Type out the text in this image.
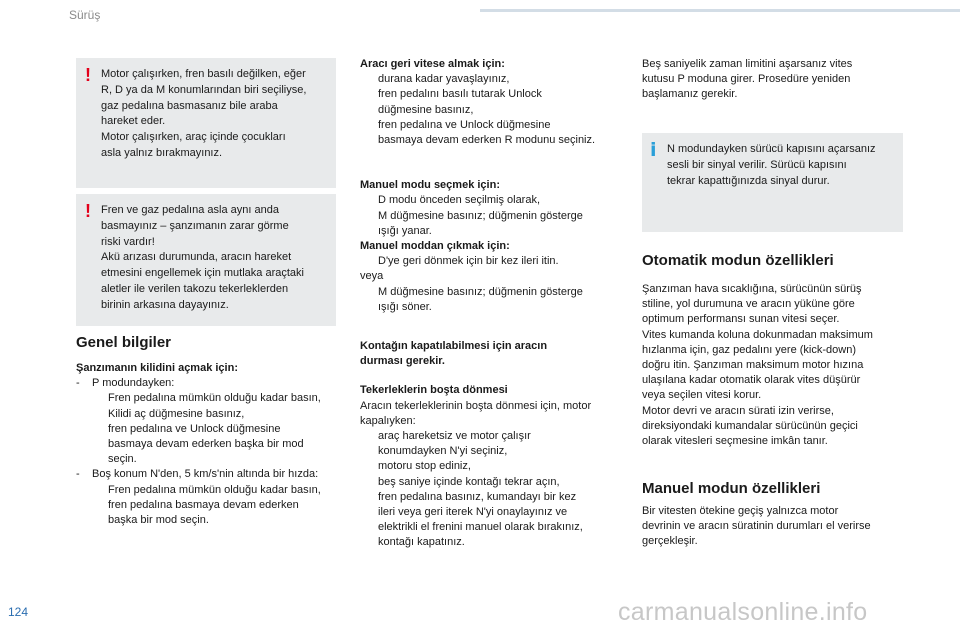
Sürüş
! Motor çalışırken, fren basılı değilken, eğer

R, D ya da M konumlarından biri seçiliyse,

gaz pedalına basmasanız bile araba

hareket eder.

Motor çalışırken, araç içinde çocukları

asla yalnız bırakmayınız.

! Fren ve gaz pedalına asla aynı anda

basmayınız – şanzımanın zarar görme

riski vardır!

Akü arızası durumunda, aracın hareket

etmesini engellemek için mutlaka araçtaki

aletler ile verilen takozu tekerleklerden

birinin arkasına dayayınız.

Genel bilgiler

Şanzımanın kilidini açmak için:

- P modundayken:
Fren pedalına mümkün olduğu kadar basın,
Kilidi aç düğmesine basınız,
fren pedalına ve Unlock düğmesine
basmaya devam ederken başka bir mod
seçin.
- Boş konum N'den, 5 km/s'nin altında bir hızda:
Fren pedalına mümkün olduğu kadar basın,
fren pedalına basmaya devam ederken
başka bir mod seçin.

Aracı geri vitese almak için:

durana kadar yavaşlayınız,
fren pedalını basılı tutarak Unlock
düğmesine basınız,
fren pedalına ve Unlock düğmesine
basmaya devam ederken R modunu seçiniz.

Manuel modu seçmek için:

D modu önceden seçilmiş olarak,
M düğmesine basınız; düğmenin gösterge
ışığı yanar.

Manuel moddan çıkmak için:

D'ye geri dönmek için bir kez ileri itin.

veya

M düğmesine basınız; düğmenin gösterge
ışığı söner.

Kontağın kapatılabilmesi için aracın

durması gerekir.

Tekerleklerin boşta dönmesi

Aracın tekerleklerinin boşta dönmesi için, motor

kapalıyken:

araç hareketsiz ve motor çalışır
konumdayken N'yi seçiniz,
motoru stop ediniz,
beş saniye içinde kontağı tekrar açın,
fren pedalına basınız, kumandayı bir kez
ileri veya geri iterek N'yi onaylayınız ve
elektrikli el frenini manuel olarak bırakınız,
kontağı kapatınız.

Beş saniyelik zaman limitini aşarsanız vites

kutusu P moduna girer. Prosedüre yeniden

başlamanız gerekir.

i N modundayken sürücü kapısını açarsanız

sesli bir sinyal verilir. Sürücü kapısını

tekrar kapattığınızda sinyal durur.

Otomatik modun özellikleri

Şanzıman hava sıcaklığına, sürücünün sürüş

stiline, yol durumuna ve aracın yüküne göre

optimum performansı sunan vitesi seçer.

Vites kumanda koluna dokunmadan maksimum

hızlanma için, gaz pedalını yere (kick-down)

doğru itin. Şanzıman maksimum motor hızına

ulaşılana kadar otomatik olarak vites düşürür

veya seçilen vitesi korur.

Motor devri ve aracın sürati izin verirse,

direksiyondaki kumandalar sürücünün geçici

olarak vitesleri seçmesine imkân tanır.

Manuel modun özellikleri

Bir vitesten ötekine geçiş yalnızca motor

devrinin ve aracın süratinin durumları el verirse

gerçekleşir.

124	carmanualsonline.info
